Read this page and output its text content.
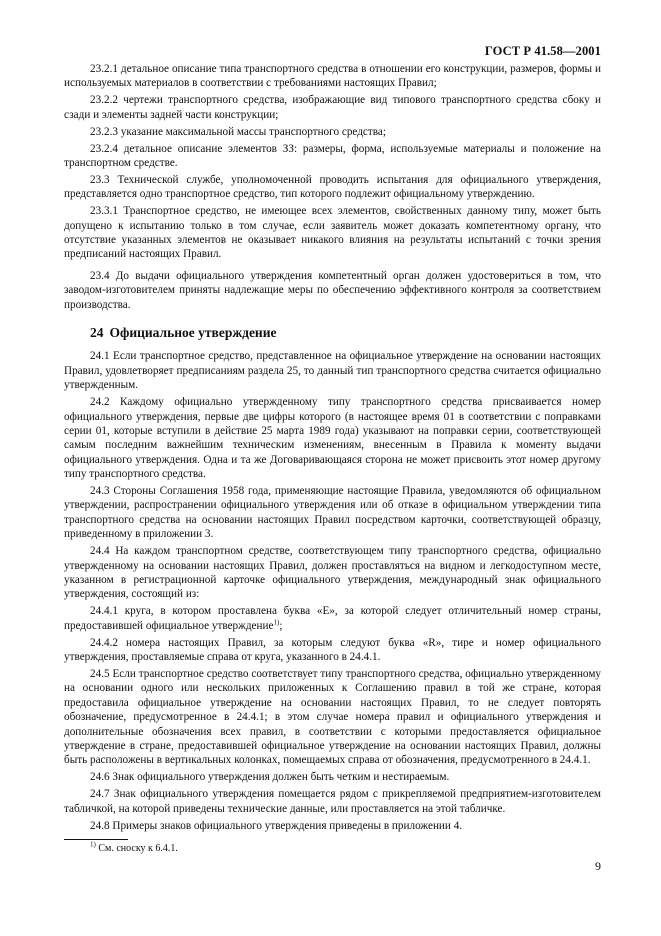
ГОСТ Р 41.58—2001

23.2.1 детальное описание типа транспортного средства в отношении его конструкции, размеров, формы и используемых материалов в соответствии с требованиями настоящих Правил;

23.2.2 чертежи транспортного средства, изображающие вид типового транспортного средства сбоку и сзади и элементы задней части конструкции;

23.2.3 указание максимальной массы транспортного средства;

23.2.4 детальное описание элементов ЗЗ: размеры, форма, используемые материалы и положение на транспортном средстве.

23.3 Технической службе, уполномоченной проводить испытания для официального утверждения, представляется одно транспортное средство, тип которого подлежит официальному утверждению.

23.3.1 Транспортное средство, не имеющее всех элементов, свойственных данному типу, может быть допущено к испытанию только в том случае, если заявитель может доказать компетентному органу, что отсутствие указанных элементов не оказывает никакого влияния на результаты испытаний с точки зрения предписаний настоящих Правил.

23.4 До выдачи официального утверждения компетентный орган должен удостовериться в том, что заводом-изготовителем приняты надлежащие меры по обеспечению эффективного контроля за соответствием производства.

24 Официальное утверждение

24.1 Если транспортное средство, представленное на официальное утверждение на основании настоящих Правил, удовлетворяет предписаниям раздела 25, то данный тип транспортного средства считается официально утвержденным.

24.2 Каждому официально утвержденному типу транспортного средства присваивается номер официального утверждения, первые две цифры которого (в настоящее время 01 в соответствии с поправками серии 01, которые вступили в действие 25 марта 1989 года) указывают на поправки серии, соответствующей самым последним важнейшим техническим изменениям, внесенным в Правила к моменту выдачи официального утверждения. Одна и та же Договаривающаяся сторона не может присвоить этот номер другому типу транспортного средства.

24.3 Стороны Соглашения 1958 года, применяющие настоящие Правила, уведомляются об официальном утверждении, распространении официального утверждения или об отказе в официальном утверждении типа транспортного средства на основании настоящих Правил посредством карточки, соответствующей образцу, приведенному в приложении 3.

24.4 На каждом транспортном средстве, соответствующем типу транспортного средства, официально утвержденному на основании настоящих Правил, должен проставляться на видном и легкодоступном месте, указанном в регистрационной карточке официального утверждения, международный знак официального утверждения, состоящий из:

24.4.1 круга, в котором проставлена буква «Е», за которой следует отличительный номер страны, предоставившей официальное утверждение$^{1)}$;

24.4.2 номера настоящих Правил, за которым следуют буква «R», тире и номер официального утверждения, проставляемые справа от круга, указанного в 24.4.1.

24.5 Если транспортное средство соответствует типу транспортного средства, официально утвержденному на основании одного или нескольких приложенных к Соглашению правил в той же стране, которая предоставила официальное утверждение на основании настоящих Правил, то не следует повторять обозначение, предусмотренное в 24.4.1; в этом случае номера правил и официального утверждения и дополнительные обозначения всех правил, в соответствии с которыми предоставляется официальное утверждение в стране, предоставившей официальное утверждение на основании настоящих Правил, должны быть расположены в вертикальных колонках, помещаемых справа от обозначения, предусмотренного в 24.4.1.

24.6 Знак официального утверждения должен быть четким и нестираемым.

24.7 Знак официального утверждения помещается рядом с прикрепляемой предприятием-изготовителем табличкой, на которой приведены технические данные, или проставляется на этой табличке.

24.8 Примеры знаков официального утверждения приведены в приложении 4.

$^{1)}$ См. сноску к 6.4.1.

9
